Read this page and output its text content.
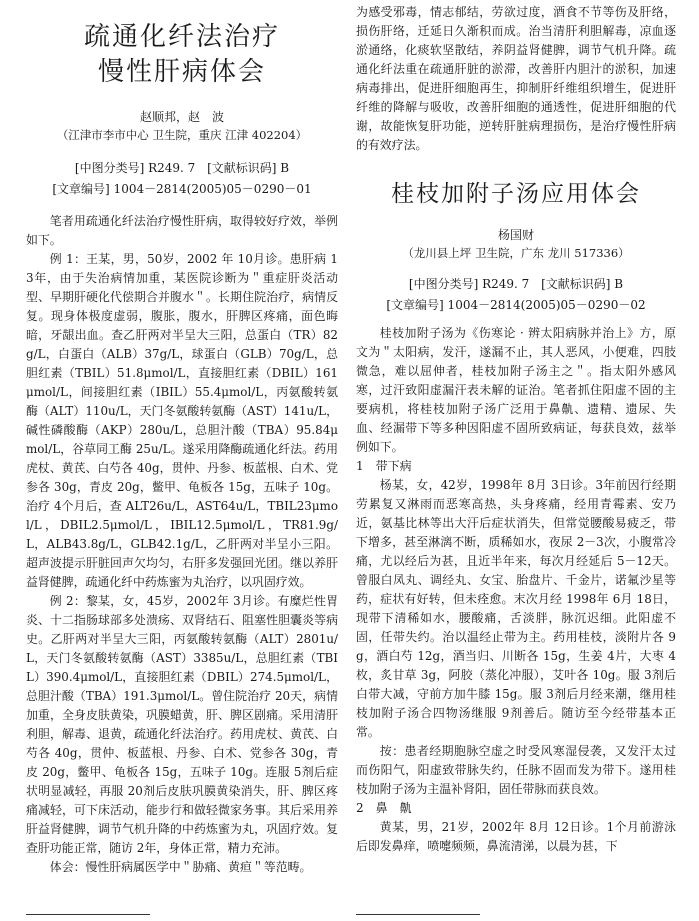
疏通化纤法治疗
慢性肝病体会
赵顺邦，赵　波
（江津市李市中心 卫生院，重庆 江津 402204）
[中图分类号] R249. 7 [文献标识码] B
[文章编号] 1004－2814(2005)05－0290－01

笔者用疏通化纤法治疗慢性肝病，取得较好疗效，举例如下。

例 1：王某，男，50岁，2002 年 10月诊。患肝病 13年，由于失治病情加重，某医院诊断为＂重症肝炎活动型、早期肝硬化代偿期合并腹水＂。长期住院治疗，病情反复。现身体极度虚弱，腹胀，腹水，肝脾区疼痛，面色晦暗，牙龈出血。查乙肝两对半呈大三阳，总蛋白（TR）82g/L，白蛋白（ALB）37g/L，球蛋白（GLB）70g/L，总胆红素（TBIL）51.8μmol/L，直接胆红素（DBIL）161μmol/L，间接胆红素（IBIL）55.4μmol/L，丙氨酸转氨酶（ALT）110u/L，天门冬氨酸转氨酶（AST）141u/L，碱性磷酸酶（AKP）280u/L，总胆汁酸（TBA）95.84μmol/L，谷草同工酶 25u/L。遂采用降酶疏通化纤法。药用虎杖、黄芪、白芍各 40g，贯仲、丹参、板蓝根、白术、党参各 30g，青皮 20g，鳖甲、龟板各 15g，五味子 10g。治疗 4个月后，查 ALT26u/L，AST64u/L，TBIL23μmol/L，DBIL2.5μmol/L，IBIL12.5μmol/L，TR81.9g/L，ALB43.8g/L，GLB42.1g/L，乙肝两对半呈小三阳。超声波提示肝脏回声欠均匀，右肝多发强回光团。继以养肝益肾健脾，疏通化纤中药炼蜜为丸治疗，以巩固疗效。

例 2：黎某，女，45岁，2002年 3月诊。有糜烂性胃炎、十二指肠球部多处溃疡、双肾结石、阻塞性胆囊炎等病史。乙肝两对半呈大三阳，丙氨酸转氨酶（ALT）2801u/L，天门冬氨酸转氨酶（AST）3385u/L，总胆红素（TBIL）390.4μmol/L，直接胆红素（DBIL）274.5μmol/L，总胆汁酸（TBA）191.3μmol/L。曾住院治疗 20天，病情加重，全身皮肤黄染，巩膜蜡黄，肝、脾区剧痛。采用清肝利胆，解毒、退黄，疏通化纤法治疗。药用虎杖、黄芪、白芍各 40g，贯仲、板蓝根、丹参、白术、党参各 30g，青皮 20g，鳖甲、龟板各 15g，五味子 10g。连服 5剂后症状明显减轻，再服 20剂后皮肤巩膜黄染消失，肝、脾区疼痛减轻，可下床活动，能步行和做轻微家务事。其后采用养肝益肾健脾，调节气机升降的中药炼蜜为丸，巩固疗效。复查肝功能正常，随访 2年，身体正常，精力充沛。

体会：慢性肝病属医学中＂胁痛、黄疸＂等范畴。

为感受邪毒，情志郁结，劳欲过度，酒食不节等伤及肝络，损伤肝络，迁延日久渐积而成。治当清肝利胆解毒，凉血逐淤通络，化痰软坚散结，养阴益肾健脾，调节气机升降。疏通化纤法重在疏通肝脏的淤滞，改善肝内胆汁的淤积，加速病毒排出，促进肝细胞再生，抑制肝纤维组织增生，促进肝纤维的降解与吸收，改善肝细胞的通透性，促进肝细胞的代谢，故能恢复肝功能，逆转肝脏病理损伤，是治疗慢性肝病的有效疗法。

桂枝加附子汤应用体会
杨国财
（龙川县上坪 卫生院，广东 龙川 517336）
[中图分类号] R249. 7 [文献标识码] B
[文章编号] 1004－2814(2005)05－0290－02

桂枝加附子汤为《伤寒论 · 辨太阳病脉并治上》方，原文为＂太阳病，发汗，遂漏不止，其人恶风，小便难，四肢微急，难以屈伸者，桂枝加附子汤主之＂。指太阳外感风寒，过汗致阳虚漏汗表未解的证治。笔者抓住阳虚不固的主要病机，将桂枝加附子汤广泛用于鼻鼽、遗精、遗尿、失血、经漏带下等多种因阳虚不固所致病证，每获良效，兹举例如下。

1　带下病

杨某，女，42岁，1998年 8月 3日诊。3年前因行经期劳累复又淋雨而恶寒高热，头身疼痛，经用青霉素、安乃近，氨基比林等出大汗后症状消失，但常觉腰酸易疲乏，带下增多，甚至淋漓不断，质稀如水，夜尿 2－3次，小腹常冷痛，尤以经后为甚，且近半年来，每次月经延后 5－12天。曾服白凤丸、调经丸、女宝、胎盘片、千金片，诺氟沙星等药，症状有好转，但未痊愈。末次月经 1998年 6月 18日，现带下清稀如水，腰酸痛，舌淡胖，脉沉迟细。此阳虚不固，任带失约。治以温经止带为主。药用桂枝，淡附片各 9g，酒白芍 12g，酒当归、川断各 15g，生姜 4片，大枣 4枚，炙甘草 3g，阿胶（蒸化冲服），艾叶各 10g。服 3剂后白带大减，守前方加牛膝 15g。服 3剂后月经来潮，继用桂枝加附子汤合四物汤继服 9剂善后。随访至今经带基本正常。

按：患者经期胞脉空虚之时受风寒湿侵袭，又发汗太过而伤阳气，阳虚致带脉失约，任脉不固而发为带下。遂用桂枝加附子汤为主温补肾阳，固任带脉而获良效。

2　鼻　鼽

黄某，男，21岁，2002年 8月 12日诊。1个月前游泳后即发鼻痒，喷嚏频频，鼻流清涕，以晨为甚，下
